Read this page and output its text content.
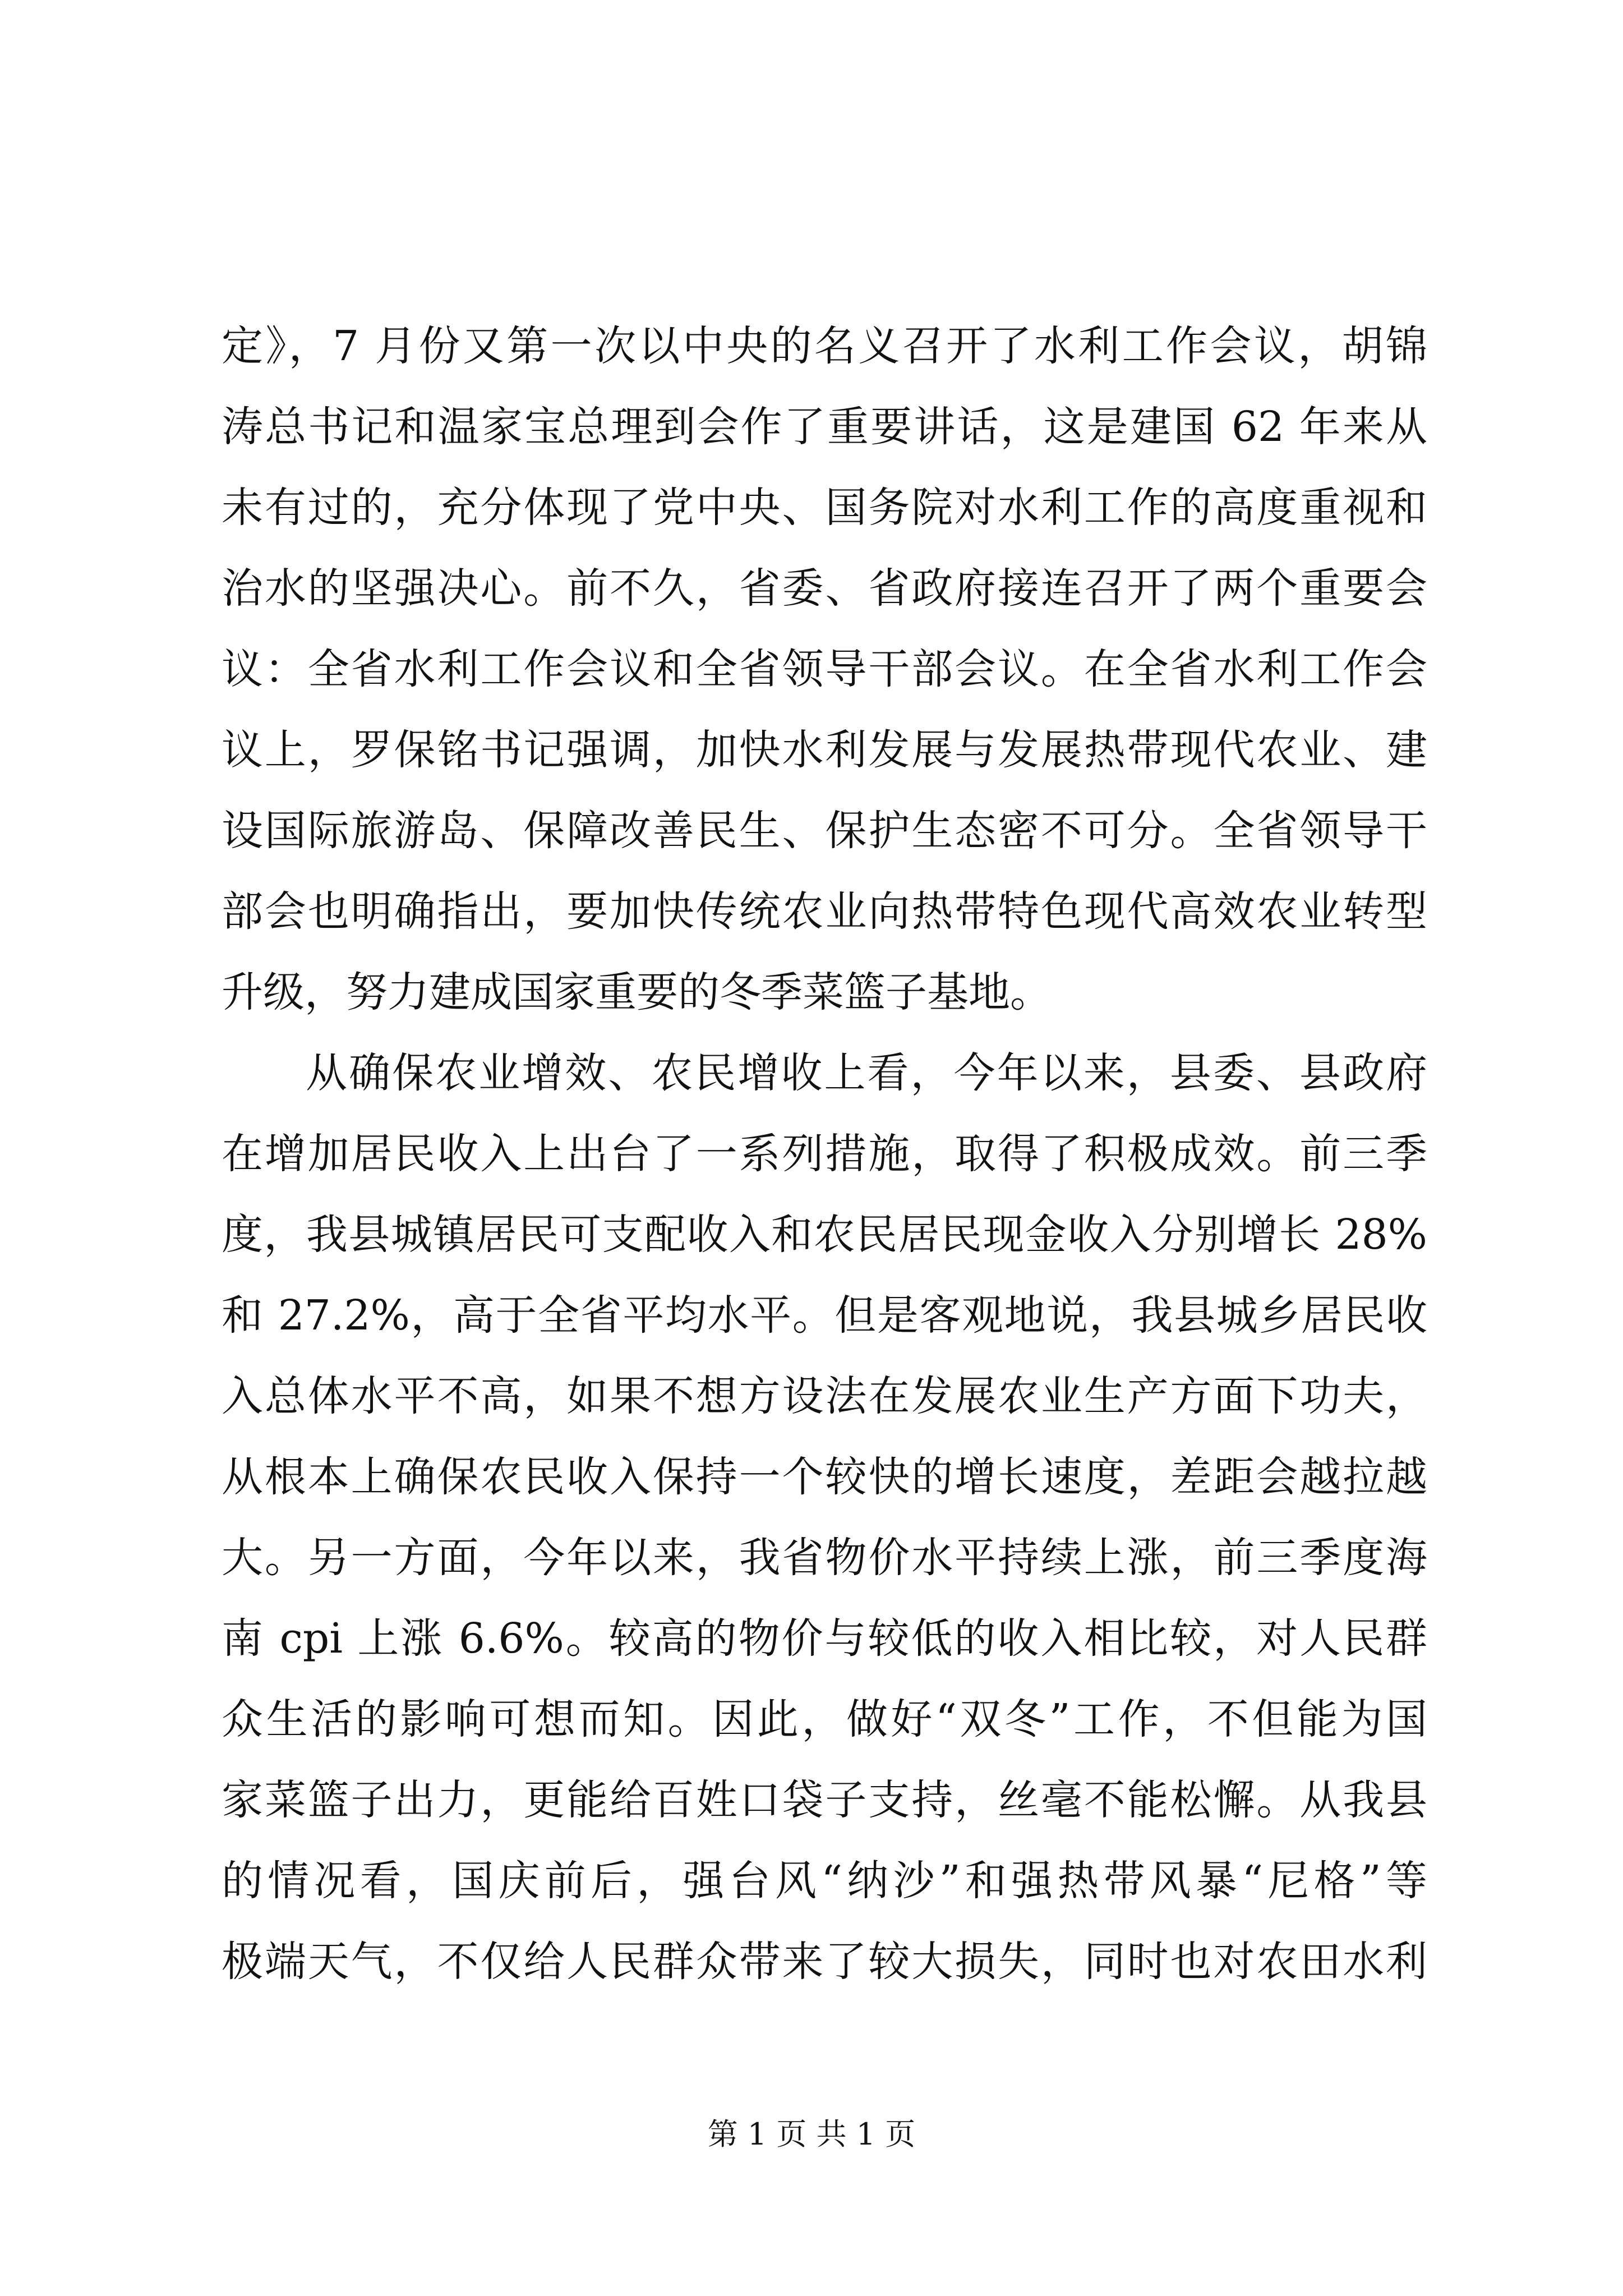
定》，7 月份又第一次以中央的名义召开了水利工作会议，胡锦
涛总书记和温家宝总理到会作了重要讲话，这是建国 62 年来从
未有过的，充分体现了党中央、国务院对水利工作的高度重视和
治水的坚强决心。前不久，省委、省政府接连召开了两个重要会
议：全省水利工作会议和全省领导干部会议。在全省水利工作会
议上，罗保铭书记强调，加快水利发展与发展热带现代农业、建
设国际旅游岛、保障改善民生、保护生态密不可分。全省领导干
部会也明确指出，要加快传统农业向热带特色现代高效农业转型
升级，努力建成国家重要的冬季菜篮子基地。
从确保农业增效、农民增收上看，今年以来，县委、县政府
在增加居民收入上出台了一系列措施，取得了积极成效。前三季
度，我县城镇居民可支配收入和农民居民现金收入分别增长 28%
和 27.2%，高于全省平均水平。但是客观地说，我县城乡居民收
入总体水平不高，如果不想方设法在发展农业生产方面下功夫，
从根本上确保农民收入保持一个较快的增长速度，差距会越拉越
大。另一方面，今年以来，我省物价水平持续上涨，前三季度海
南 cpi 上涨 6.6%。较高的物价与较低的收入相比较，对人民群
众生活的影响可想而知。因此，做好“双冬”工作，不但能为国
家菜篮子出力，更能给百姓口袋子支持，丝毫不能松懈。从我县
的情况看，国庆前后，强台风“纳沙”和强热带风暴“尼格”等
极端天气，不仅给人民群众带来了较大损失，同时也对农田水利
第 1 页 共 1 页
